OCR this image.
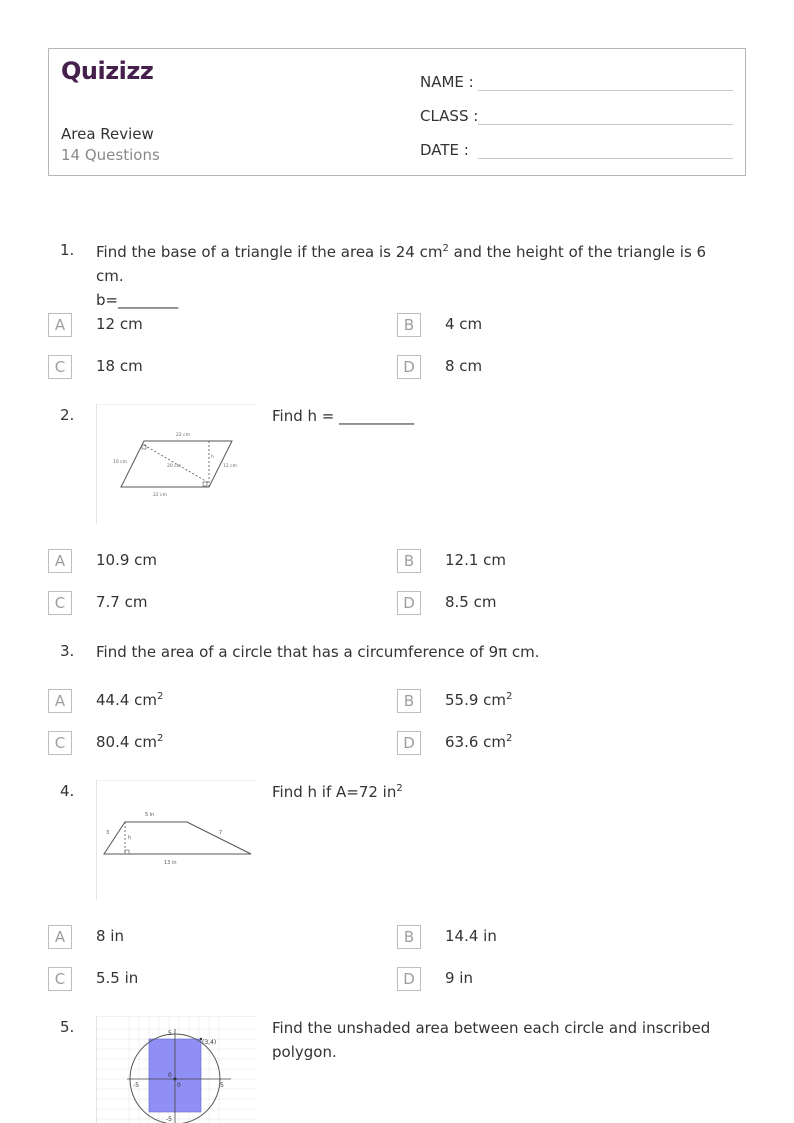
Quizizz
Area Review
14 Questions
NAME :
CLASS :
DATE :
1. Find the base of a triangle if the area is 24 $cm^2$ and the height of the triangle is 6 cm.
b=________
A	12 cm	B	4 cm
C	18 cm	D	8 cm
2.
22 cm
10 cm
20 cm
h
12 cm
22 cm
Find h = __________
A	10.9 cm	B	12.1 cm
C	7.7 cm	D	8.5 cm
3. Find the area of a circle that has a circumference of 9π cm.
A	44.4 $cm^2$	B	55.9 $cm^2$
C	80.4 $cm^2$	D	63.6 $cm^2$
4.
5 in
3
h
7
13 in
Find h if A=72 $in^2$
A	8 in	B	14.4 in
C	5.5 in	D	9 in
5.	5
(3,4)
0
0
-5	5
-5
Find the unshaded area between each circle and inscribed
polygon.
